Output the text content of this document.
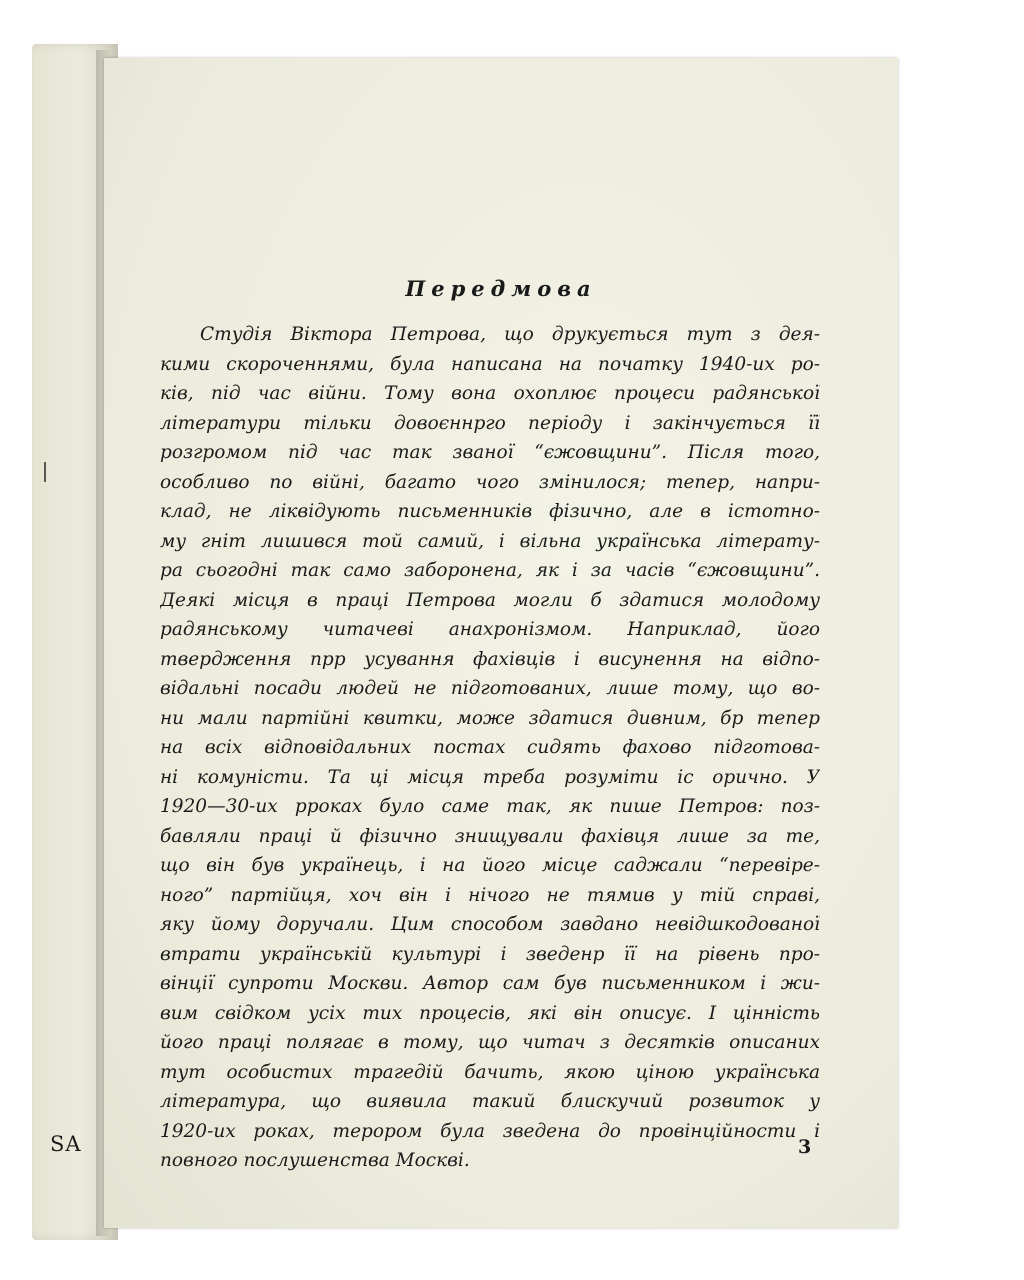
SA
Передмова
Студія Віктора Петрова, що друкується тут з дея-
кими скороченнями, була написана на початку 1940-их ро-
ків, під час війни. Тому вона охоплює процеси радянської
літератури тільки довоєннрго періоду і закінчується її
розгромом під час так званої “єжовщини”. Після того,
особливо по війні, багато чого змінилося; тепер, напри-
клад, не ліквідують письменників фізично, але в істотно-
му гніт лишився той самий, і вільна українська літерату-
ра сьогодні так само заборонена, як і за часів “єжовщини”.
Деякі місця в праці Петрова могли б здатися молодому
радянському читачеві анахронізмом. Наприклад, його
твердження прр усування фахівців і висунення на відпо-
відальні посади людей не підготованих, лише тому, що во-
ни мали партійні квитки, може здатися дивним, бр тепер
на всіх відповідальних постах сидять фахово підготова-
ні комуністи. Та ці місця треба розуміти іс орично. У
1920—30-их рроках було саме так, як пише Петров: поз-
бавляли праці й фізично знищували фахівця лише за те,
що він був українець, і на його місце саджали “перевіре-
ного” партійця, хоч він і нічого не тямив у тій справі,
яку йому доручали. Цим способом завдано невідшкодованої
втрати українській культурі і зведенр її на рівень про-
вінції супроти Москви. Автор сам був письменником і жи-
вим свідком усіх тих процесів, які він описує. І цінність
його праці полягає в тому, що читач з десятків описаних
тут особистих трагедій бачить, якою ціною українська
література, що виявила такий блискучий розвиток у
1920-их роках, терором була зведена до провінційности і
повного послушенства Москві.
3
